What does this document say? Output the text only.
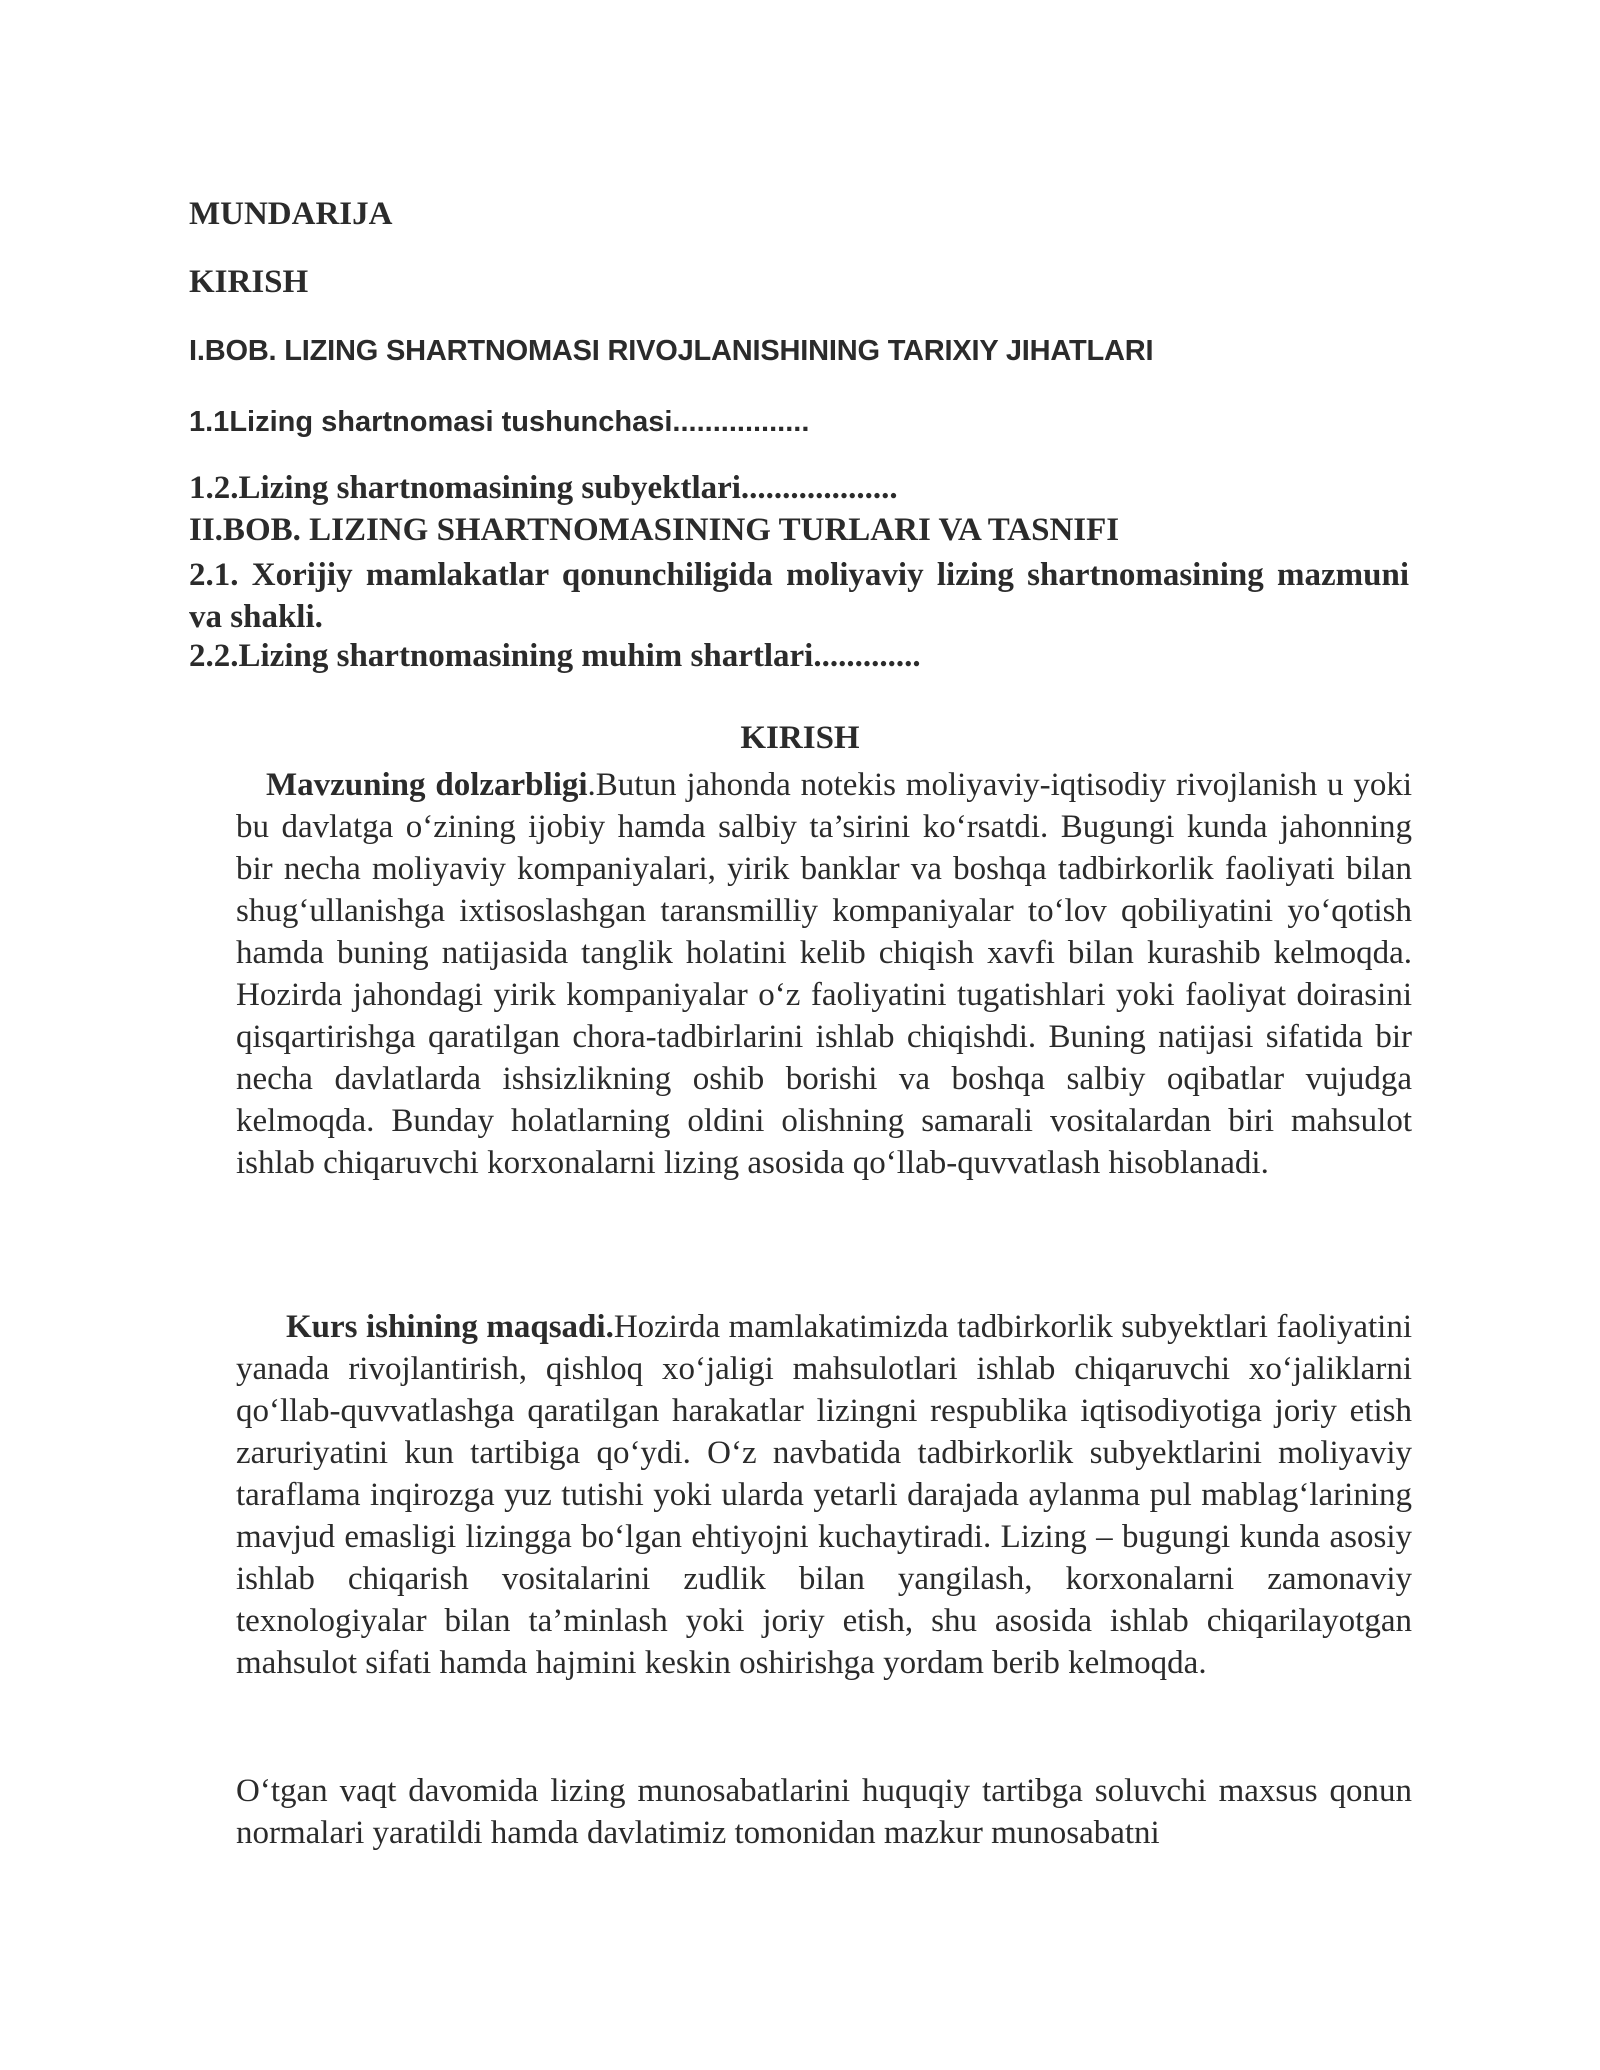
MUNDARIJA
KIRISH
I.BOB. LIZING SHARTNOMASI RIVOJLANISHINING TARIXIY JIHATLARI
1.1Lizing shartnomasi tushunchasi.................
1.2.Lizing shartnomasining subyektlari...................
II.BOB. LIZING SHARTNOMASINING TURLARI VA TASNIFI
2.1. Xorijiy mamlakatlar qonunchiligida moliyaviy lizing shartnomasining mazmuni va shakli.
2.2.Lizing shartnomasining muhim shartlari.............
KIRISH
Mavzuning dolzarbligi.Butun jahonda notekis moliyaviy-iqtisodiy rivojlanish u yoki bu davlatga o‘zining ijobiy hamda salbiy ta’sirini ko‘rsatdi. Bugungi kunda jahonning bir necha moliyaviy kompaniyalari, yirik banklar va boshqa tadbirkorlik faoliyati bilan shug‘ullanishga ixtisoslashgan taransmilliy kompaniyalar to‘lov qobiliyatini yo‘qotish hamda buning natijasida tanglik holatini kelib chiqish xavfi bilan kurashib kelmoqda. Hozirda jahondagi yirik kompaniyalar o‘z faoliyatini tugatishlari yoki faoliyat doirasini qisqartirishga qaratilgan chora-tadbirlarini ishlab chiqishdi. Buning natijasi sifatida bir necha davlatlarda ishsizlikning oshib borishi va boshqa salbiy oqibatlar vujudga kelmoqda. Bunday holatlarning oldini olishning samarali vositalardan biri mahsulot ishlab chiqaruvchi korxonalarni lizing asosida qo‘llab-quvvatlash hisoblanadi.
Kurs ishining maqsadi.Hozirda mamlakatimizda tadbirkorlik subyektlari faoliyatini yanada rivojlantirish, qishloq xo‘jaligi mahsulotlari ishlab chiqaruvchi xo‘jaliklarni qo‘llab-quvvatlashga qaratilgan harakatlar lizingni respublika iqtisodiyotiga joriy etish zaruriyatini kun tartibiga qo‘ydi. O‘z navbatida tadbirkorlik subyektlarini moliyaviy taraflama inqirozga yuz tutishi yoki ularda yetarli darajada aylanma pul mablag‘larining mavjud emasligi lizingga bo‘lgan ehtiyojni kuchaytiradi. Lizing – bugungi kunda asosiy ishlab chiqarish vositalarini zudlik bilan yangilash, korxonalarni zamonaviy texnologiyalar bilan ta’minlash yoki joriy etish, shu asosida ishlab chiqarilayotgan mahsulot sifati hamda hajmini keskin oshirishga yordam berib kelmoqda.
O‘tgan vaqt davomida lizing munosabatlarini huquqiy tartibga soluvchi maxsus qonun normalari yaratildi hamda davlatimiz tomonidan mazkur munosabatni
